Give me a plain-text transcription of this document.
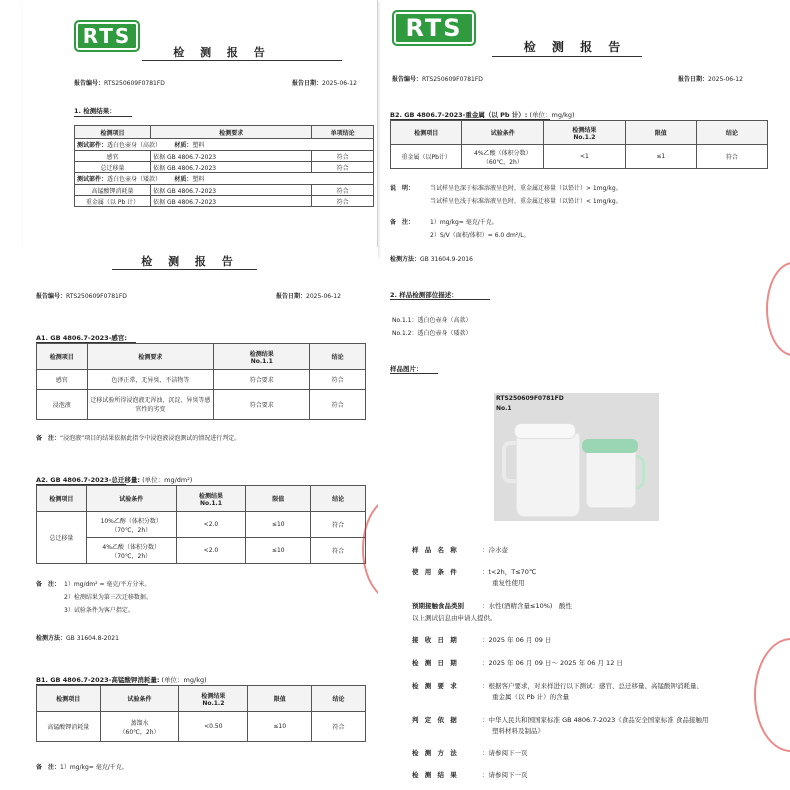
RTS
检 测 报 告
报告编号：RTS250609F0781FD	报告日期：2025-06-12
1. 检测结果：
检测项目	检测要求	单项结论
测试部件：透白色壶身（高款） 材质：塑料		
感官	依据 GB 4806.7-2023	符合
总迁移量	依据 GB 4806.7-2023	符合
测试部件：透白色壶身（矮款） 材质：塑料		
高锰酸钾消耗量	依据 GB 4806.7-2023	符合
重金属（以 Pb 计）	依据 GB 4806.7-2023	符合
检 测 报 告
报告编号：RTS250609F0781FD	报告日期：2025-06-12
A1. GB 4806.7-2023-感官:
检测项目	检测要求	检测结果
No.1.1	结论
感官	色泽正常，无异臭、不洁物等	符合要求	符合
浸泡液	迁移试验所得浸泡液无浑浊、沉淀、异臭等感官性的劣变	符合要求	符合
备　注：“浸泡液”项目的结果依据此指令中浸泡液浸泡测试的情况进行判定。
A2. GB 4806.7-2023-总迁移量: (单位：mg/dm²)
检测项目	试验条件	检测结果
No.1.1	限值	结论
总迁移量	10%乙醇（体积分数）
（70℃，2h）	<2.0	≤10	符合
	4%乙酸（体积分数）
（70℃，2h）	<2.0	≤10	符合
备　注： 1）mg/dm² = 毫克/平方分米。
2）检测结果为第三次迁移数据。
3）试验条件为客户指定。
检测方法：GB 31604.8-2021
B1. GB 4806.7-2023-高锰酸钾消耗量: (单位：mg/kg)
检测项目	试验条件	检测结果
No.1.2	限值	结论
高锰酸钾消耗量	蒸馏水
（60℃，2h）	<0.50	≤10	符合
备　注：1）mg/kg= 毫克/千克。
RTS
检 测 报 告
报告编号：RTS250609F0781FD	报告日期：2025-06-12
B2. GB 4806.7-2023-重金属（以 Pb 计）: (单位：mg/kg)
检测项目	试验条件	检测结果
No.1.2	限值	结论
重金属（以Pb计）	4%乙酸（体积分数）
（60℃，2h）	<1	≤1	符合
说　明：	当试样呈色深于标准溶液呈色时，重金属迁移量（以铅计）> 1mg/kg。
当试样呈色浅于标准溶液呈色时，重金属迁移量（以铅计）< 1mg/kg。
备　注：	1）mg/kg= 毫克/千克。
2）S/V（面积/体积）= 6.0 dm²/L。
检测方法：GB 31604.9-2016
2. 样品检测部位描述：
No.1.1：透白色壶身（高款）
No.1.2：透白色壶身（矮款）
样品图片：
RTS250609F0781FD
No.1
样 品 名 称	：冷水壶
使 用 条 件	：t<2h，T≤70℃
重复性使用
预期接触食品类别	：水性(酒精含量≤10%)　酸性
以上测试信息由申请人提供。
接 收 日 期	：2025 年 06 月 09 日
检 测 日 期	：2025 年 06 月 09 日～ 2025 年 06 月 12 日
检 测 要 求	：根据客户要求，对来样进行以下测试：感官、总迁移量、高锰酸钾消耗量、
重金属（以 Pb 计）的含量
判 定 依 据	：中华人民共和国国家标准 GB 4806.7-2023《食品安全国家标准 食品接触用
塑料材料及制品》
检 测 方 法	：请参阅下一页
检 测 结 果	：请参阅下一页
